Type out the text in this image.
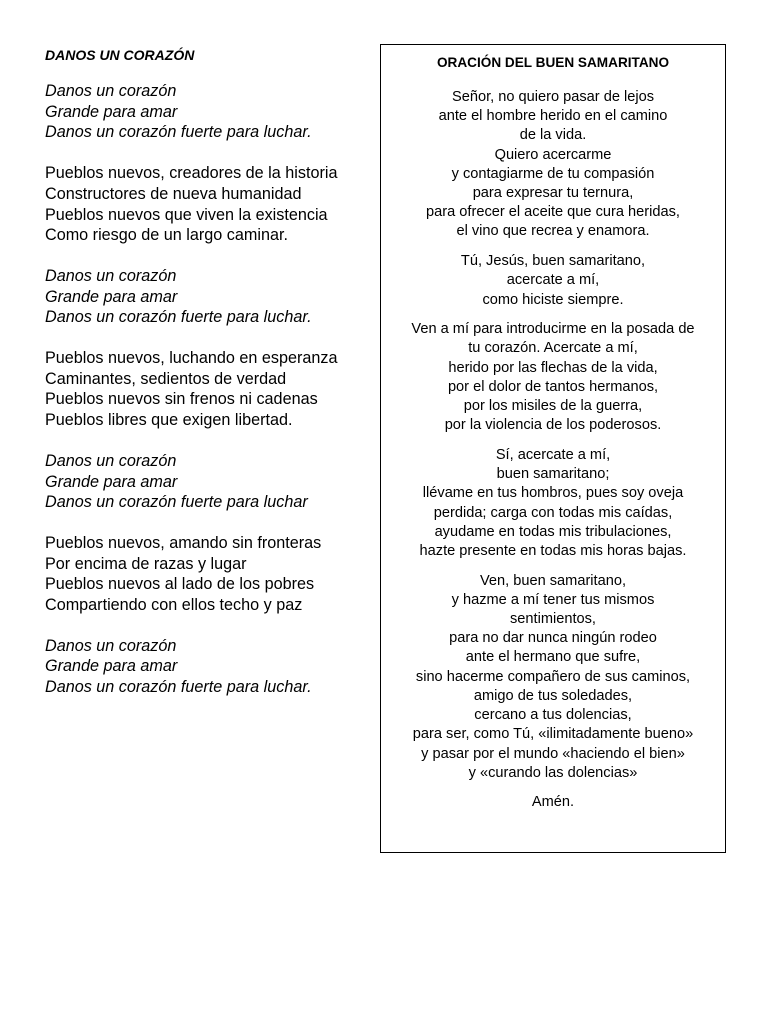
DANOS UN CORAZÓN
Danos un corazón
Grande para amar
Danos un corazón fuerte para luchar.
Pueblos nuevos, creadores de la historia
Constructores de nueva humanidad
Pueblos nuevos que viven la existencia
Como riesgo de un largo caminar.
Danos un corazón
Grande para amar
Danos un corazón fuerte para luchar.
Pueblos nuevos, luchando en esperanza
Caminantes, sedientos de verdad
Pueblos nuevos sin frenos ni cadenas
Pueblos libres que exigen libertad.
Danos un corazón
Grande para amar
Danos un corazón fuerte para luchar
Pueblos nuevos, amando sin fronteras
Por encima de razas y lugar
Pueblos nuevos al lado de los pobres
Compartiendo con ellos techo y paz
Danos un corazón
Grande para amar
Danos un corazón fuerte para luchar.
ORACIÓN DEL BUEN SAMARITANO
Señor, no quiero pasar de lejos
ante el hombre herido en el camino
de la vida.
Quiero acercarme
y contagiarme de tu compasión
para expresar tu ternura,
para ofrecer el aceite que cura heridas,
el vino que recrea y enamora.
Tú, Jesús, buen samaritano,
acercate a mí,
como hiciste siempre.
Ven a mí para introducirme en la posada de
tu corazón. Acercate a mí,
herido por las flechas de la vida,
por el dolor de tantos hermanos,
por los misiles de la guerra,
por la violencia de los poderosos.
Sí, acercate a mí,
buen samaritano;
llévame en tus hombros, pues soy oveja
perdida; carga con todas mis caídas,
ayudame en todas mis tribulaciones,
hazte presente en todas mis horas bajas.
Ven, buen samaritano,
y hazme a mí tener tus mismos
sentimientos,
para no dar nunca ningún rodeo
ante el hermano que sufre,
sino hacerme compañero de sus caminos,
amigo de tus soledades,
cercano a tus dolencias,
para ser, como Tú, «ilimitadamente bueno»
y pasar por el mundo «haciendo el bien»
y «curando las dolencias»
Amén.
